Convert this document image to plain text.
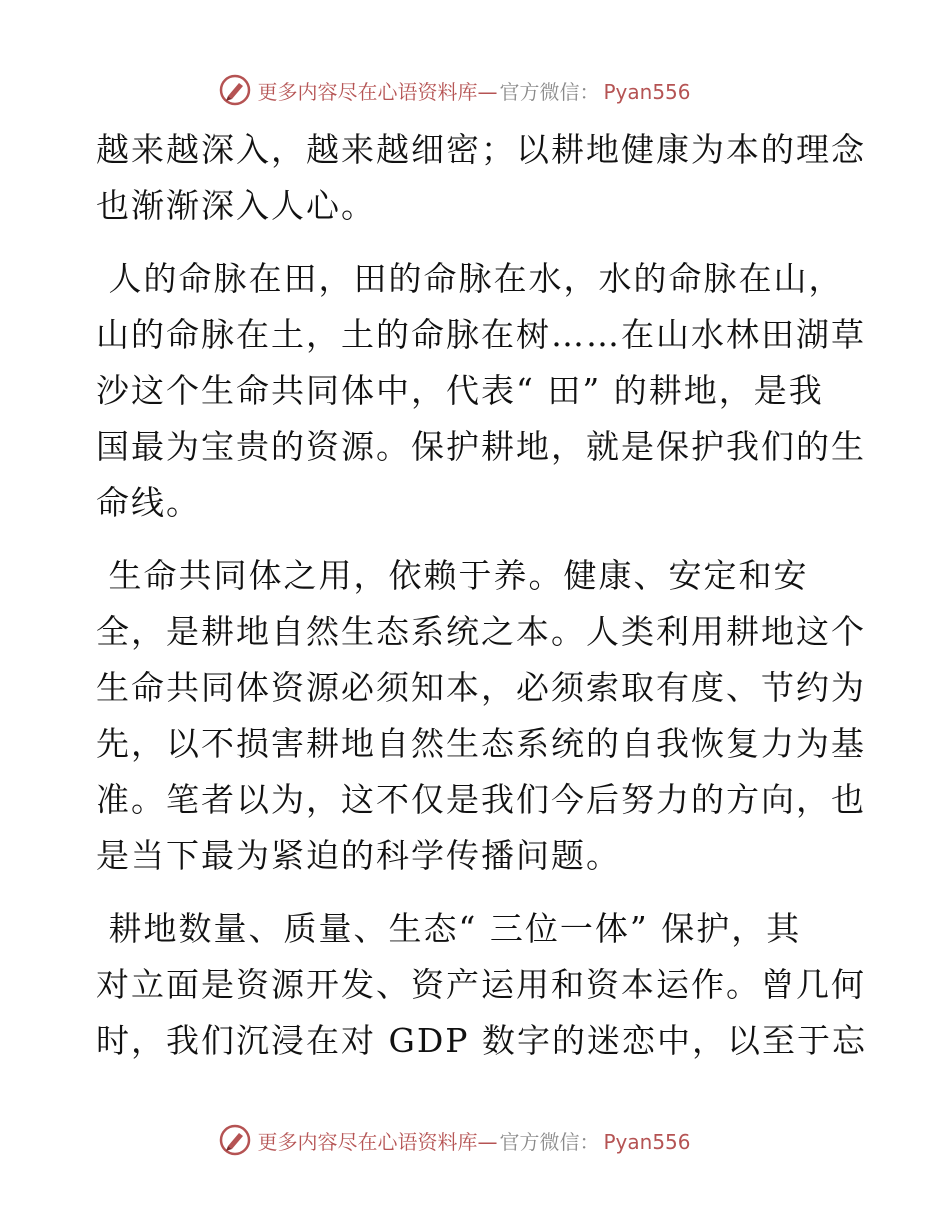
更多内容尽在心语资料库— 官方微信： Pyan556
越来越深入，越来越细密；以耕地健康为本的理念
也渐渐深入人心。
人的命脉在田，田的命脉在水，水的命脉在山，
山的命脉在土，土的命脉在树……在山水林田湖草
沙这个生命共同体中，代表“ 田” 的耕地，是我
国最为宝贵的资源。保护耕地，就是保护我们的生
命线。
生命共同体之用，依赖于养。健康、安定和安
全，是耕地自然生态系统之本。人类利用耕地这个
生命共同体资源必须知本，必须索取有度、节约为
先，以不损害耕地自然生态系统的自我恢复力为基
准。笔者以为，这不仅是我们今后努力的方向，也
是当下最为紧迫的科学传播问题。
耕地数量、质量、生态“ 三位一体” 保护，其
对立面是资源开发、资产运用和资本运作。曾几何
时，我们沉浸在对 GDP 数字的迷恋中，以至于忘
更多内容尽在心语资料库— 官方微信： Pyan556
